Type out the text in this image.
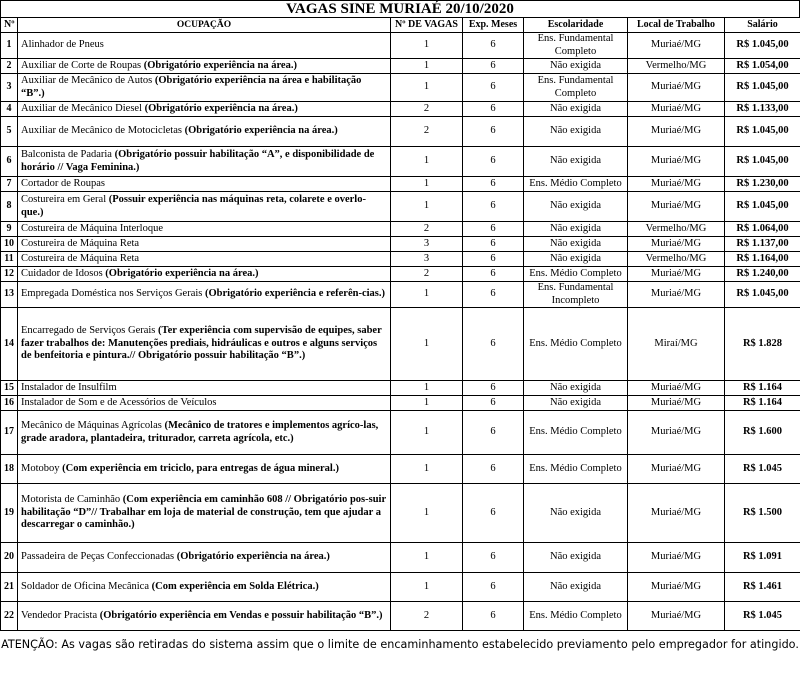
VAGAS SINE MURIAÉ 20/10/2020
Nº	OCUPAÇÃO	Nº DE VAGAS	Exp. Meses	Escolaridade	Local de Trabalho	Salário
1	Alinhador de Pneus	1	6	Ens. Fundamental Completo	Muriaé/MG	R$ 1.045,00
2	Auxiliar de Corte de Roupas (Obrigatório experiência na área.)	1	6	Não exigida	Vermelho/MG	R$ 1.054,00
3	Auxiliar de Mecânico de Autos (Obrigatório experiência na área e habilitação “B”.)	1	6	Ens. Fundamental Completo	Muriaé/MG	R$ 1.045,00
4	Auxiliar de Mecânico Diesel (Obrigatório experiência na área.)	2	6	Não exigida	Muriaé/MG	R$ 1.133,00
5	Auxiliar de Mecânico de Motocicletas (Obrigatório experiência na área.)	2	6	Não exigida	Muriaé/MG	R$ 1.045,00
6	Balconista de Padaria (Obrigatório possuir habilitação “A”, e disponibilidade de horário // Vaga Feminina.)	1	6	Não exigida	Muriaé/MG	R$ 1.045,00
7	Cortador de Roupas	1	6	Ens. Médio Completo	Muriaé/MG	R$ 1.230,00
8	Costureira em Geral (Possuir experiência nas máquinas reta, colarete e overlo-que.)	1	6	Não exigida	Muriaé/MG	R$ 1.045,00
9	Costureira de Máquina Interloque	2	6	Não exigida	Vermelho/MG	R$ 1.064,00
10	Costureira de Máquina Reta	3	6	Não exigida	Muriaé/MG	R$ 1.137,00
11	Costureira de Máquina Reta	3	6	Não exigida	Vermelho/MG	R$ 1.164,00
12	Cuidador de Idosos (Obrigatório experiência na área.)	2	6	Ens. Médio Completo	Muriaé/MG	R$ 1.240,00
13	Empregada Doméstica nos Serviços Gerais (Obrigatório experiência e referên-cias.)	1	6	Ens. Fundamental Incompleto	Muriaé/MG	R$ 1.045,00
14	Encarregado de Serviços Gerais (Ter experiência com supervisão de equipes, saber fazer trabalhos de: Manutenções prediais, hidráulicas e outros e alguns serviços de benfeitoria e pintura.// Obrigatório possuir habilitação “B”.)	1	6	Ens. Médio Completo	Miraí/MG	R$ 1.828
15	Instalador de Insulfilm	1	6	Não exigida	Muriaé/MG	R$ 1.164
16	Instalador de Som e de Acessórios de Veículos	1	6	Não exigida	Muriaé/MG	R$ 1.164
17	Mecânico de Máquinas Agrícolas (Mecânico de tratores e implementos agríco-las, grade aradora, plantadeira, triturador, carreta agrícola, etc.)	1	6	Ens. Médio Completo	Muriaé/MG	R$ 1.600
18	Motoboy (Com experiência em triciclo, para entregas de água mineral.)	1	6	Ens. Médio Completo	Muriaé/MG	R$ 1.045
19	Motorista de Caminhão (Com experiência em caminhão 608 // Obrigatório pos-suir habilitação “D”// Trabalhar em loja de material de construção, tem que ajudar a descarregar o caminhão.)	1	6	Não exigida	Muriaé/MG	R$ 1.500
20	Passadeira de Peças Confeccionadas (Obrigatório experiência na área.)	1	6	Não exigida	Muriaé/MG	R$ 1.091
21	Soldador de Oficina Mecânica (Com experiência em Solda Elétrica.)	1	6	Não exigida	Muriaé/MG	R$ 1.461
22	Vendedor Pracista (Obrigatório experiência em Vendas e possuir habilitação “B”.)	2	6	Ens. Médio Completo	Muriaé/MG	R$ 1.045
ATENÇÃO: As vagas são retiradas do sistema assim que o limite de encaminhamento estabelecido previamento pelo empregador for atingido.
